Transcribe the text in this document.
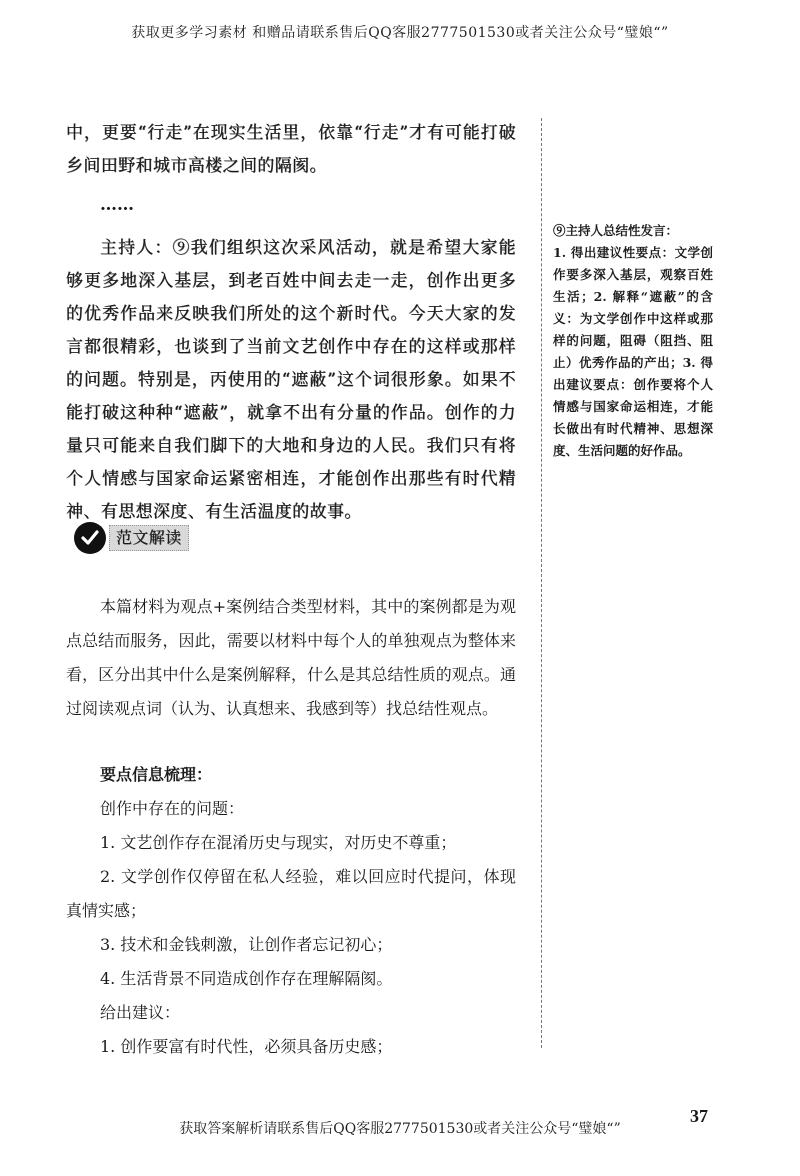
获取更多学习素材 和赠品请联系售后QQ客服2777501530或者关注公众号“璧娘“”

中，更要“行走”在现实生活里，依靠“行走”才有可能打破乡间田野和城市高楼之间的隔阂。

……

主持人：⑨我们组织这次采风活动，就是希望大家能够更多地深入基层，到老百姓中间去走一走，创作出更多的优秀作品来反映我们所处的这个新时代。今天大家的发言都很精彩，也谈到了当前文艺创作中存在的这样或那样的问题。特别是，丙使用的“遮蔽”这个词很形象。如果不能打破这种种“遮蔽”，就拿不出有分量的作品。创作的力量只可能来自我们脚下的大地和身边的人民。我们只有将个人情感与国家命运紧密相连，才能创作出那些有时代精神、有思想深度、有生活温度的故事。

⑨主持人总结性发言：
1. 得出建议性要点：文学创作要多深入基层，观察百姓生活；2. 解释“遮蔽”的含义：为文学创作中这样或那样的问题，阻碍（阻挡、阻止）优秀作品的产出；3. 得出建议要点：创作要将个人情感与国家命运相连，才能长做出有时代精神、思想深度、生活问题的好作品。
范文解读

本篇材料为观点+案例结合类型材料，其中的案例都是为观点总结而服务，因此，需要以材料中每个人的单独观点为整体来看，区分出其中什么是案例解释，什么是其总结性质的观点。通过阅读观点词（认为、认真想来、我感到等）找总结性观点。

要点信息梳理：

创作中存在的问题：

1. 文艺创作存在混淆历史与现实，对历史不尊重；

2. 文学创作仅停留在私人经验，难以回应时代提问，体现真情实感；

3. 技术和金钱刺激，让创作者忘记初心；

4. 生活背景不同造成创作存在理解隔阂。

给出建议：

1. 创作要富有时代性，必须具备历史感；

37
获取答案解析请联系售后QQ客服2777501530或者关注公众号“璧娘“”
